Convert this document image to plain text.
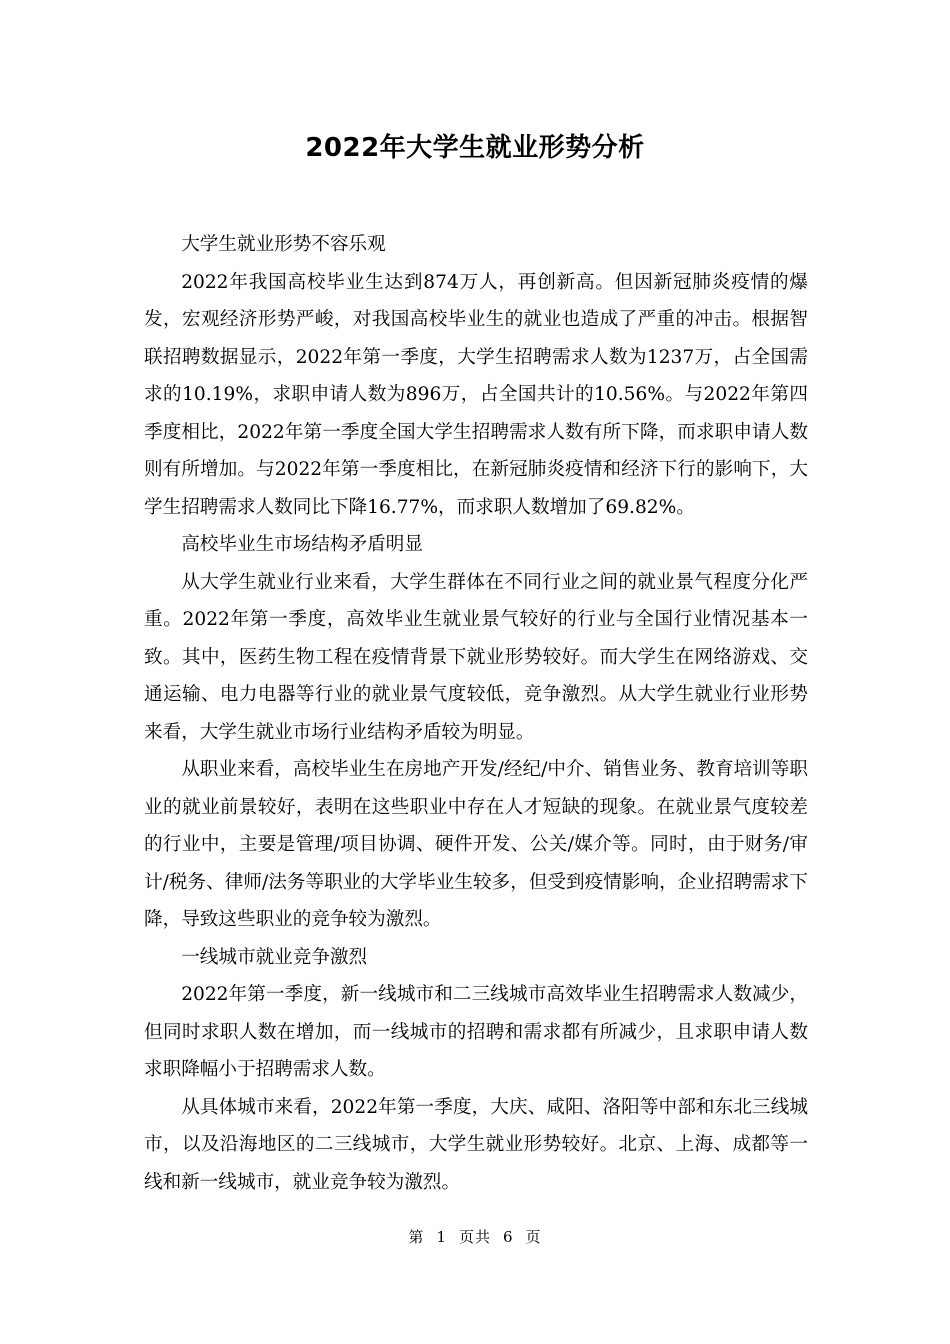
2022年大学生就业形势分析

大学生就业形势不容乐观

2022年我国高校毕业生达到874万人，再创新高。但因新冠肺炎疫情的爆发，宏观经济形势严峻，对我国高校毕业生的就业也造成了严重的冲击。根据智联招聘数据显示，2022年第一季度，大学生招聘需求人数为1237万，占全国需求的10.19%，求职申请人数为896万，占全国共计的10.56%。与2022年第四季度相比，2022年第一季度全国大学生招聘需求人数有所下降，而求职申请人数则有所增加。与2022年第一季度相比，在新冠肺炎疫情和经济下行的影响下，大学生招聘需求人数同比下降16.77%，而求职人数增加了69.82%。

高校毕业生市场结构矛盾明显

从大学生就业行业来看，大学生群体在不同行业之间的就业景气程度分化严重。2022年第一季度，高效毕业生就业景气较好的行业与全国行业情况基本一致。其中，医药生物工程在疫情背景下就业形势较好。而大学生在网络游戏、交通运输、电力电器等行业的就业景气度较低，竞争激烈。从大学生就业行业形势来看，大学生就业市场行业结构矛盾较为明显。

从职业来看，高校毕业生在房地产开发/经纪/中介、销售业务、教育培训等职业的就业前景较好，表明在这些职业中存在人才短缺的现象。在就业景气度较差的行业中，主要是管理/项目协调、硬件开发、公关/媒介等。同时，由于财务/审计/税务、律师/法务等职业的大学毕业生较多，但受到疫情影响，企业招聘需求下降，导致这些职业的竞争较为激烈。

一线城市就业竞争激烈

2022年第一季度，新一线城市和二三线城市高效毕业生招聘需求人数减少，但同时求职人数在增加，而一线城市的招聘和需求都有所减少，且求职申请人数求职降幅小于招聘需求人数。

从具体城市来看，2022年第一季度，大庆、咸阳、洛阳等中部和东北三线城市，以及沿海地区的二三线城市，大学生就业形势较好。北京、上海、成都等一线和新一线城市，就业竞争较为激烈。

第 1 页共 6 页
